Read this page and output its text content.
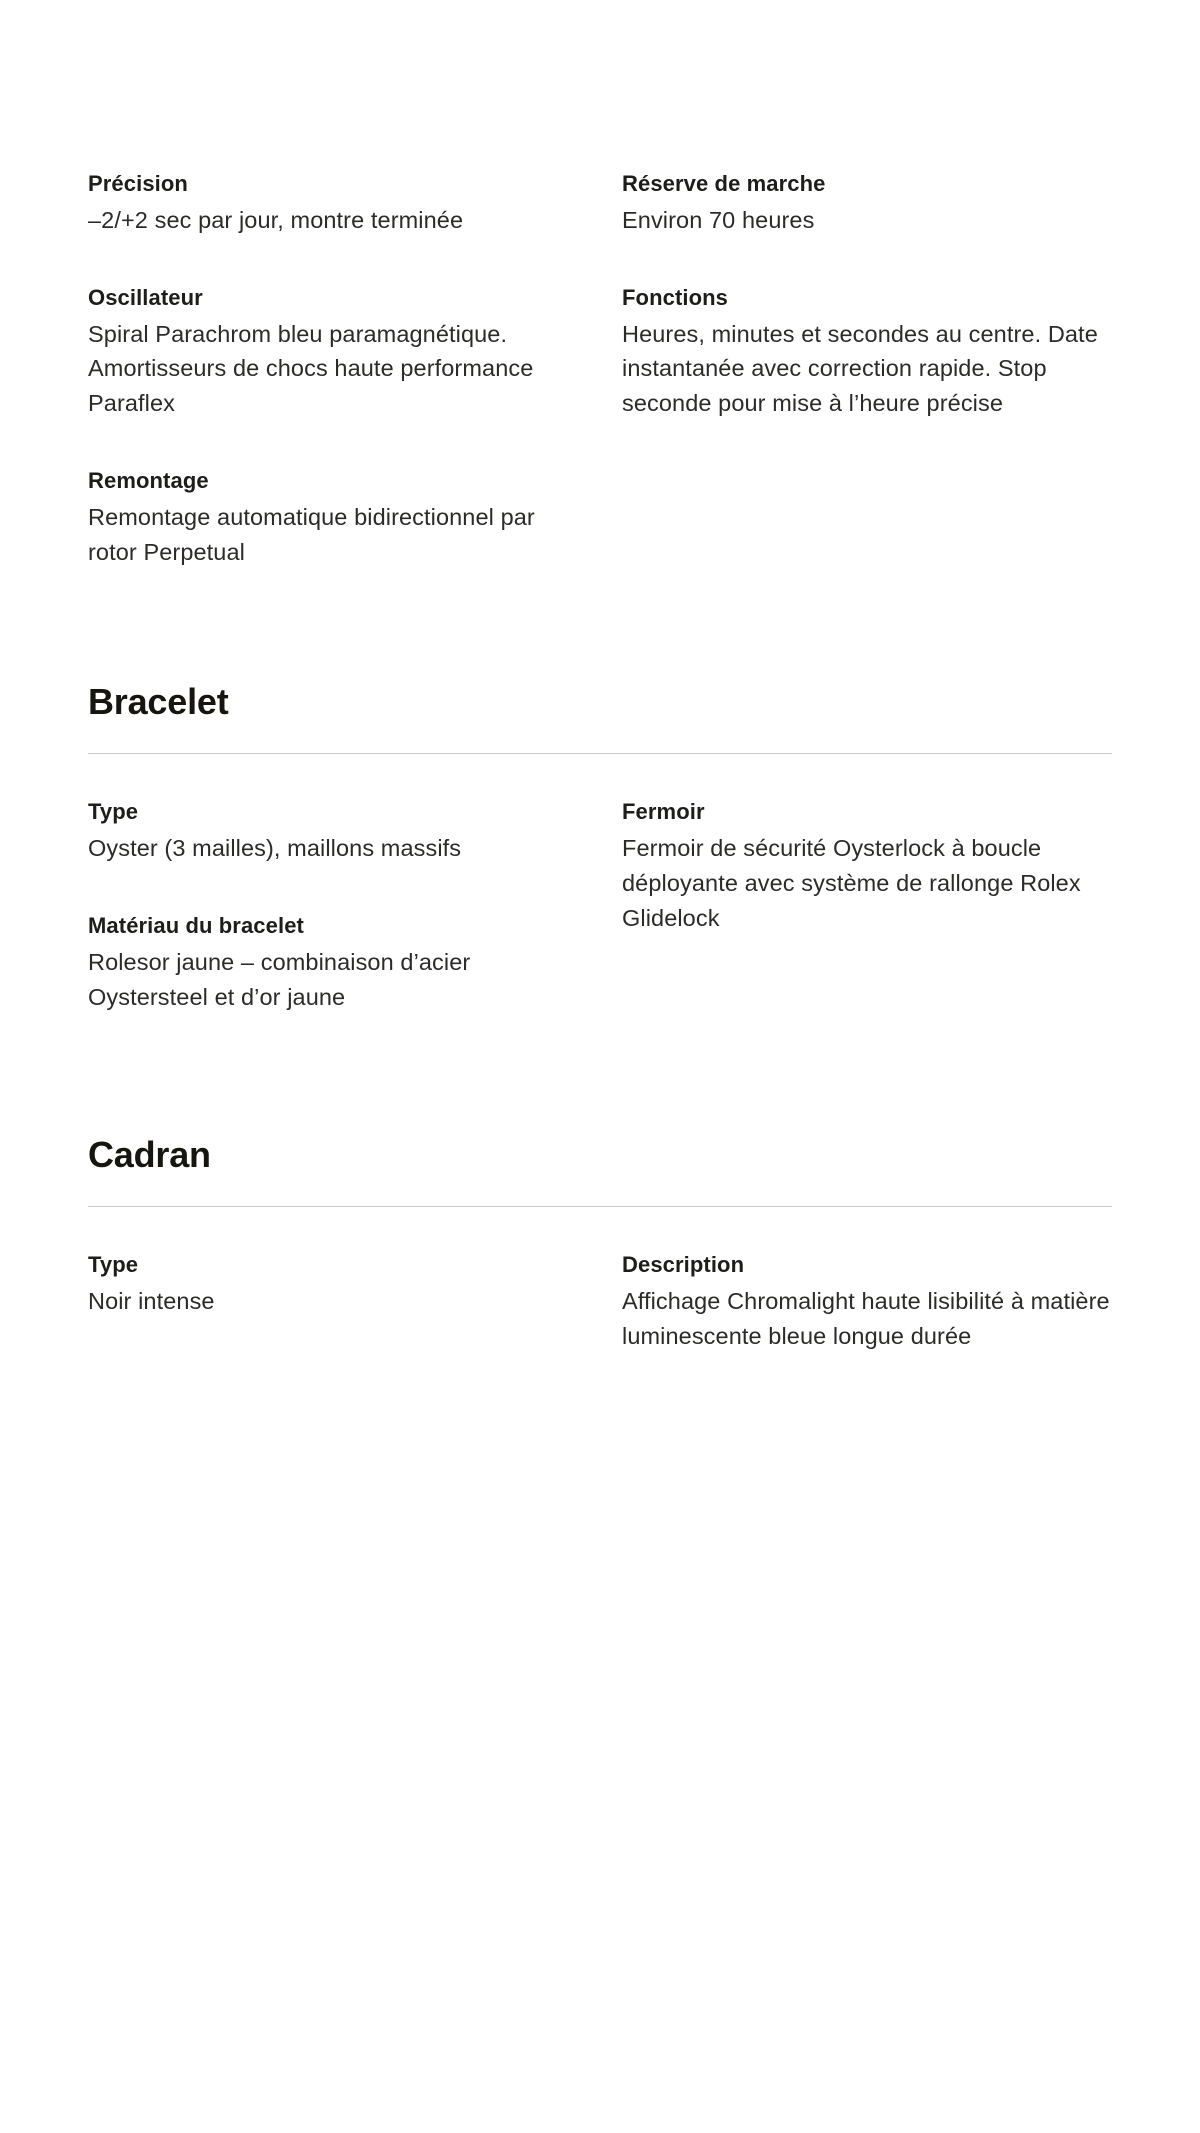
Précision

–2/+2 sec par jour, montre terminée

Oscillateur

Spiral Parachrom bleu paramagnétique. Amortisseurs de chocs haute performance Paraflex

Remontage

Remontage automatique bidirectionnel par rotor Perpetual

Réserve de marche

Environ 70 heures

Fonctions

Heures, minutes et secondes au centre. Date instantanée avec correction rapide. Stop seconde pour mise à l’heure précise

Bracelet

Type

Oyster (3 mailles), maillons massifs

Matériau du bracelet

Rolesor jaune – combinaison d’acier Oystersteel et d’or jaune

Fermoir

Fermoir de sécurité Oysterlock à boucle déployante avec système de rallonge Rolex Glidelock

Cadran

Type

Noir intense

Description

Affichage Chromalight haute lisibilité à matière luminescente bleue longue durée
